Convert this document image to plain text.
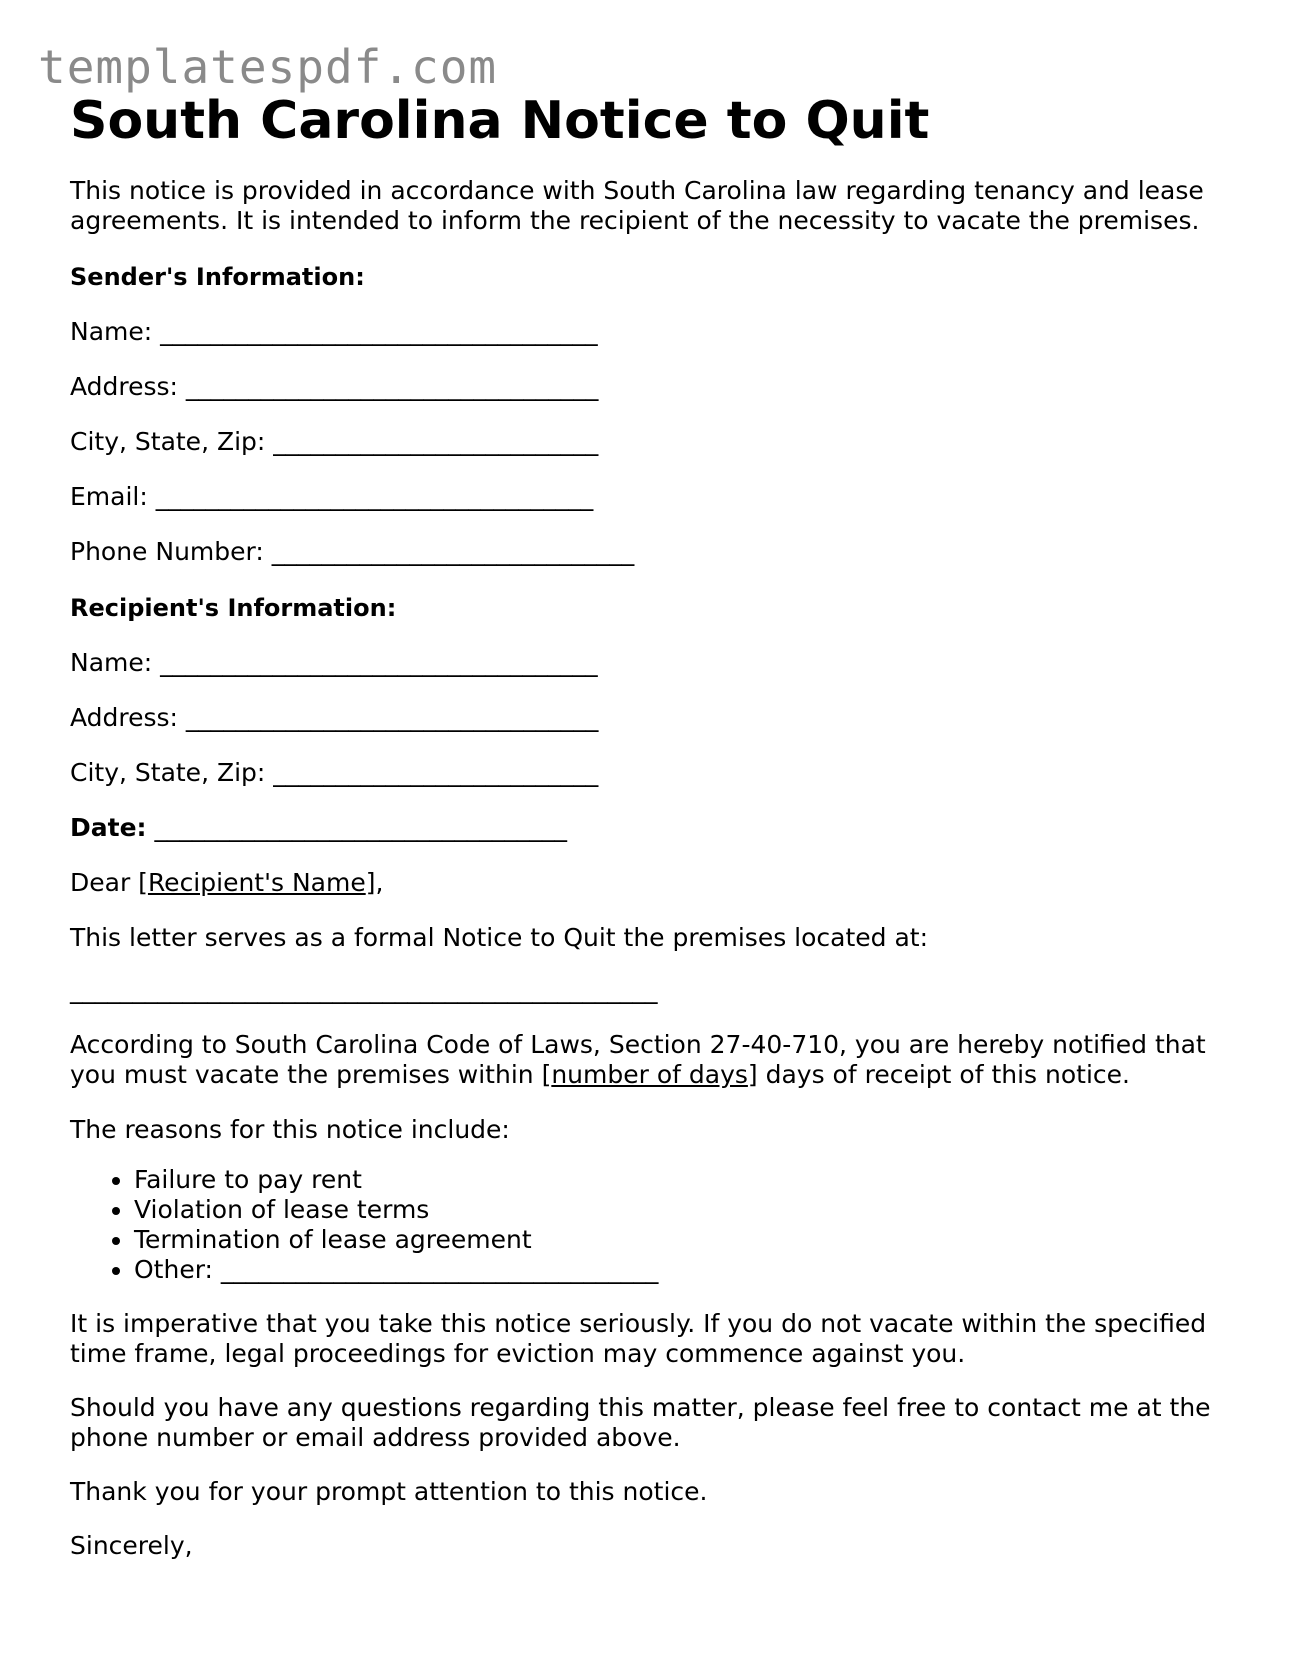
templatespdf.com
South Carolina Notice to Quit

This notice is provided in accordance with South Carolina law regarding tenancy and lease agreements. It is intended to inform the recipient of the necessity to vacate the premises.

Sender's Information:

Name: ___________________________________

Address: _________________________________

City, State, Zip: __________________________

Email: ___________________________________

Phone Number: _____________________________

Recipient's Information:

Name: ___________________________________

Address: _________________________________

City, State, Zip: __________________________

Date: _________________________________

Dear [Recipient's Name],

This letter serves as a formal Notice to Quit the premises located at:

_______________________________________________

According to South Carolina Code of Laws, Section 27-40-710, you are hereby notified that you must vacate the premises within [number of days] days of receipt of this notice.

The reasons for this notice include:

• Failure to pay rent
• Violation of lease terms
• Termination of lease agreement
• Other: ___________________________________

It is imperative that you take this notice seriously. If you do not vacate within the specified time frame, legal proceedings for eviction may commence against you.

Should you have any questions regarding this matter, please feel free to contact me at the phone number or email address provided above.

Thank you for your prompt attention to this notice.

Sincerely,
